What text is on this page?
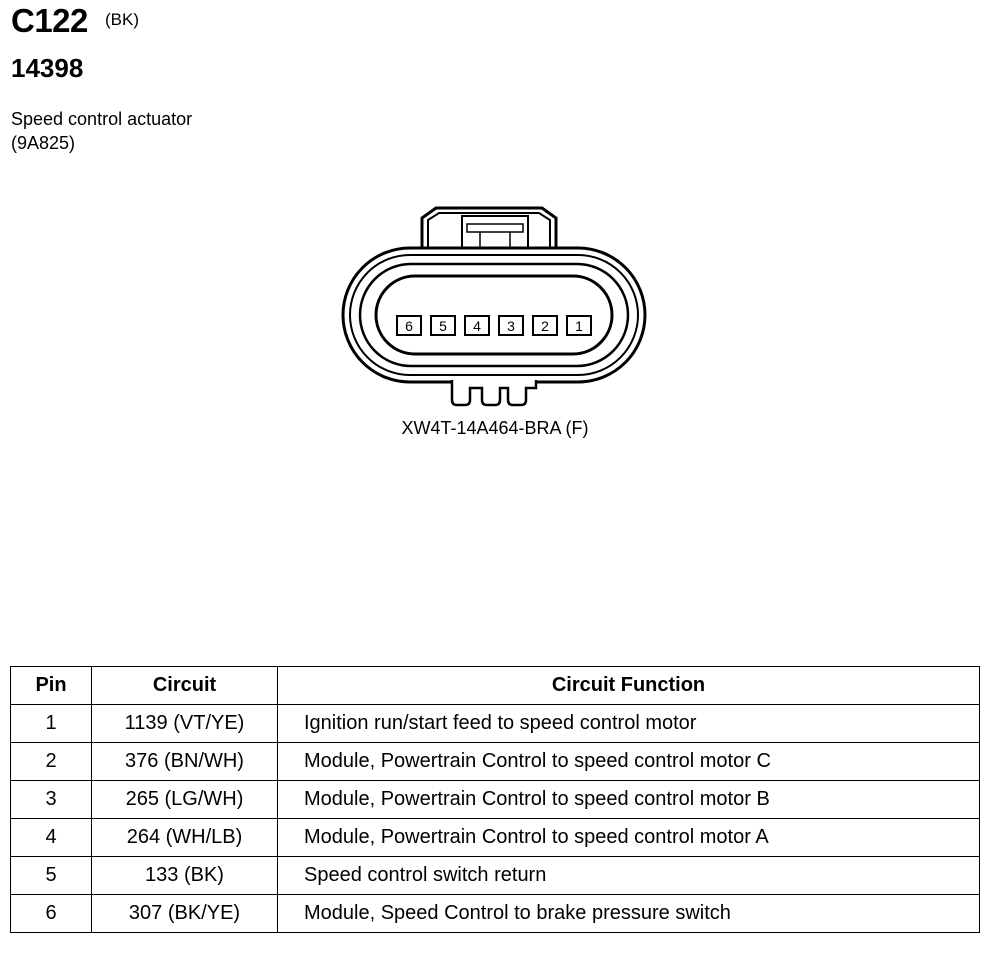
C122 (BK)
14398
Speed control actuator
(9A825)
6 5 4 3 2 1
XW4T-14A464-BRA (F)
Pin	Circuit	Circuit Function
1	1139 (VT/YE)	Ignition run/start feed to speed control motor
2	376 (BN/WH)	Module, Powertrain Control to speed control motor C
3	265 (LG/WH)	Module, Powertrain Control to speed control motor B
4	264 (WH/LB)	Module, Powertrain Control to speed control motor A
5	133 (BK)	Speed control switch return
6	307 (BK/YE)	Module, Speed Control to brake pressure switch
